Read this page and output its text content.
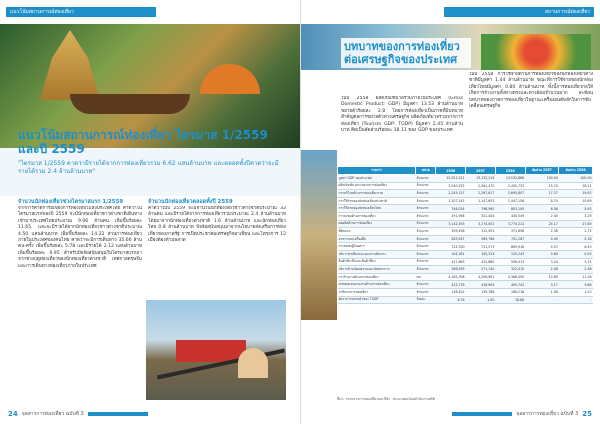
แนวโน้มสถานการณ์ท่องเที่ยว
แนวโน้มสถานการณ์ท่องเที่ยว ไตรมาส 1/2559 และปี 2559
"ไตรมาส 1/2559 คาดว่ามีรายได้จากการท่องเที่ยวรวม 6.62 แสนล้านบาท และตลอดทั้งปีคาดว่าจะมีรายได้รวม 2.4 ล้านล้านบาท"
จำนวนนักท่องเที่ยวช่วงไตรมาสแรก 1/2559
จากการคาดการณ์ของการท่องเที่ยวแห่งประเทศไทย คาดว่าในไตรมาสแรกของปี 2559 จะมีนักท่องเที่ยวชาวต่างชาติเดินทางเข้ามาประเทศไทยประมาณ 9.06 ล้านคน เพิ่มขึ้นร้อยละ 11.65 และจะมีรายได้จากนักท่องเที่ยวชาวต่างชาติประมาณ 4.50 แสนล้านบาท เพิ่มขึ้นร้อยละ 14.22 ส่วนการท่องเที่ยวภายในประเทศของคนไทย คาดว่าจะมีการเดินทาง 35.66 ล้านคน-ครั้ง เพิ่มขึ้นร้อยละ 5.78 และมีรายได้ 2.12 แสนล้านบาท เพิ่มขึ้นร้อยละ 9.95 สำหรับปัจจัยสนับสนุนในไตรมาสแรกมาจากช่วงฤดูท่องเที่ยวของนักท่องเที่ยวต่างชาติ เทศกาลตรุษจีน และการเดินทางท่องเที่ยวภายในประเทศ
จำนวนนักท่องเที่ยวตลอดทั้งปี 2559
คาดว่าในปี 2559 จะมีจำนวนนักท่องเที่ยวชาวต่างชาติประมาณ 32 ล้านคน และมีรายได้จากการท่องเที่ยวรวมประมาณ 2.4 ล้านล้านบาท โดยมาจากนักท่องเที่ยวต่างชาติ 1.6 ล้านล้านบาท และนักท่องเที่ยวไทย 0.8 ล้านล้านบาท ปัจจัยสนับสนุนมาจากนโยบายส่งเสริมการท่องเที่ยวของภาครัฐ การเปิดประชาคมเศรษฐกิจอาเซียน และโครงการ 12 เมืองต้องห้ามพลาด
24 จุลสารการท่องเที่ยว ฉบับที่ 3
สถานการณ์ท่องเที่ยว
บทบาทของการท่องเที่ยวต่อเศรษฐกิจของประเทศ
ในปี 2558 ผลิตภัณฑ์มวลรวมภายในประเทศ (Gross Domestic Product: GDP) มีมูลค่า 13.53 ล้านล้านบาท ขยายตัวร้อยละ 2.8 โดยการท่องเที่ยวเป็นภาคที่มีบทบาทสำคัญต่อการขยายตัวทางเศรษฐกิจ ผลิตภัณฑ์มวลรวมจากการท่องเที่ยว (Tourism GDP: TGDP) มีมูลค่า 2.45 ล้านล้านบาท คิดเป็นสัดส่วนร้อยละ 18.11 ของ GDP ของประเทศ
ในปี 2558 การใช้จ่ายด้านการท่องเที่ยวของนักท่องเที่ยวต่างชาติมีมูลค่า 1.44 ล้านล้านบาท ขณะที่การใช้จ่ายของนักท่องเที่ยวไทยมีมูลค่า 0.80 ล้านล้านบาท ทั้งนี้การท่องเที่ยวก่อให้เกิดการจ้างงานทั้งทางตรงและทางอ้อมจำนวนมาก สะท้อนบทบาทของภาคการท่องเที่ยวในฐานะเครื่องยนต์หลักในการขับเคลื่อนเศรษฐกิจ
รายการ	หน่วย	2556	2557	2558	สัดส่วน 2557	สัดส่วน 2558
มูลค่า GDP ของประเทศ	ล้านบาท	12,921,221	13,132,219	13,532,666	100.00	100.00
ผลิตภัณฑ์มวลรวมจากการท่องเที่ยว	ล้านบาท	2,040,975	2,061,470	2,450,733	15.70	18.11
การบริโภคด้านการท่องเที่ยวรวม	ล้านบาท	2,245,127	2,267,617	2,695,807	17.27	19.92
การใช้จ่ายของนักท่องเที่ยวต่างชาติ	ล้านบาท	1,207,145	1,147,653	1,447,158	8.74	10.69
การใช้จ่ายของนักท่องเที่ยวไทย	ล้านบาท	746,024	798,560	803,100	6.08	5.93
การลงทุนด้านการท่องเที่ยว	ล้านบาท	291,958	321,404	445,549	2.45	3.29
ผลผลิตด้านการท่องเที่ยว	ล้านบาท	3,142,553	3,174,001	3,774,212	24.17	27.89
ที่พักแรม	ล้านบาท	309,458	312,553	371,658	2.38	2.75
อาหารและเครื่องดื่ม	ล้านบาท	583,927	589,766	701,287	4.49	5.18
การขนส่งผู้โดยสาร	ล้านบาท	724,330	731,573	869,916	5.57	6.43
บริการนำเที่ยวและจองการเดินทาง	ล้านบาท	104,281	105,324	125,243	0.80	0.93
สินค้าที่ระลึกและสินค้าอื่นๆ	ล้านบาท	421,663	425,880	506,413	3.24	3.74
บริการด้านวัฒนธรรมและนันทนาการ	ล้านบาท	268,455	271,140	322,410	2.06	2.38
การจ้างงานด้านการท่องเที่ยว	คน	4,165,308	4,206,961	4,368,000	10.89	11.26
ค่าตอบแทนแรงงานด้านการท่องเที่ยว	ล้านบาท	412,776	416,904	495,742	3.17	3.66
ภาษีจากการท่องเที่ยว	ล้านบาท	138,402	139,786	166,218	1.06	1.23
อัตราการขยายตัวของ TGDP	ร้อยละ	8.76	1.00	18.88	-	-
ที่มา: กระทรวงการท่องเที่ยวและกีฬา, ประมวลผลโดยสำนักงานสถิติ
จุลสารการท่องเที่ยว ฉบับที่ 3 25
